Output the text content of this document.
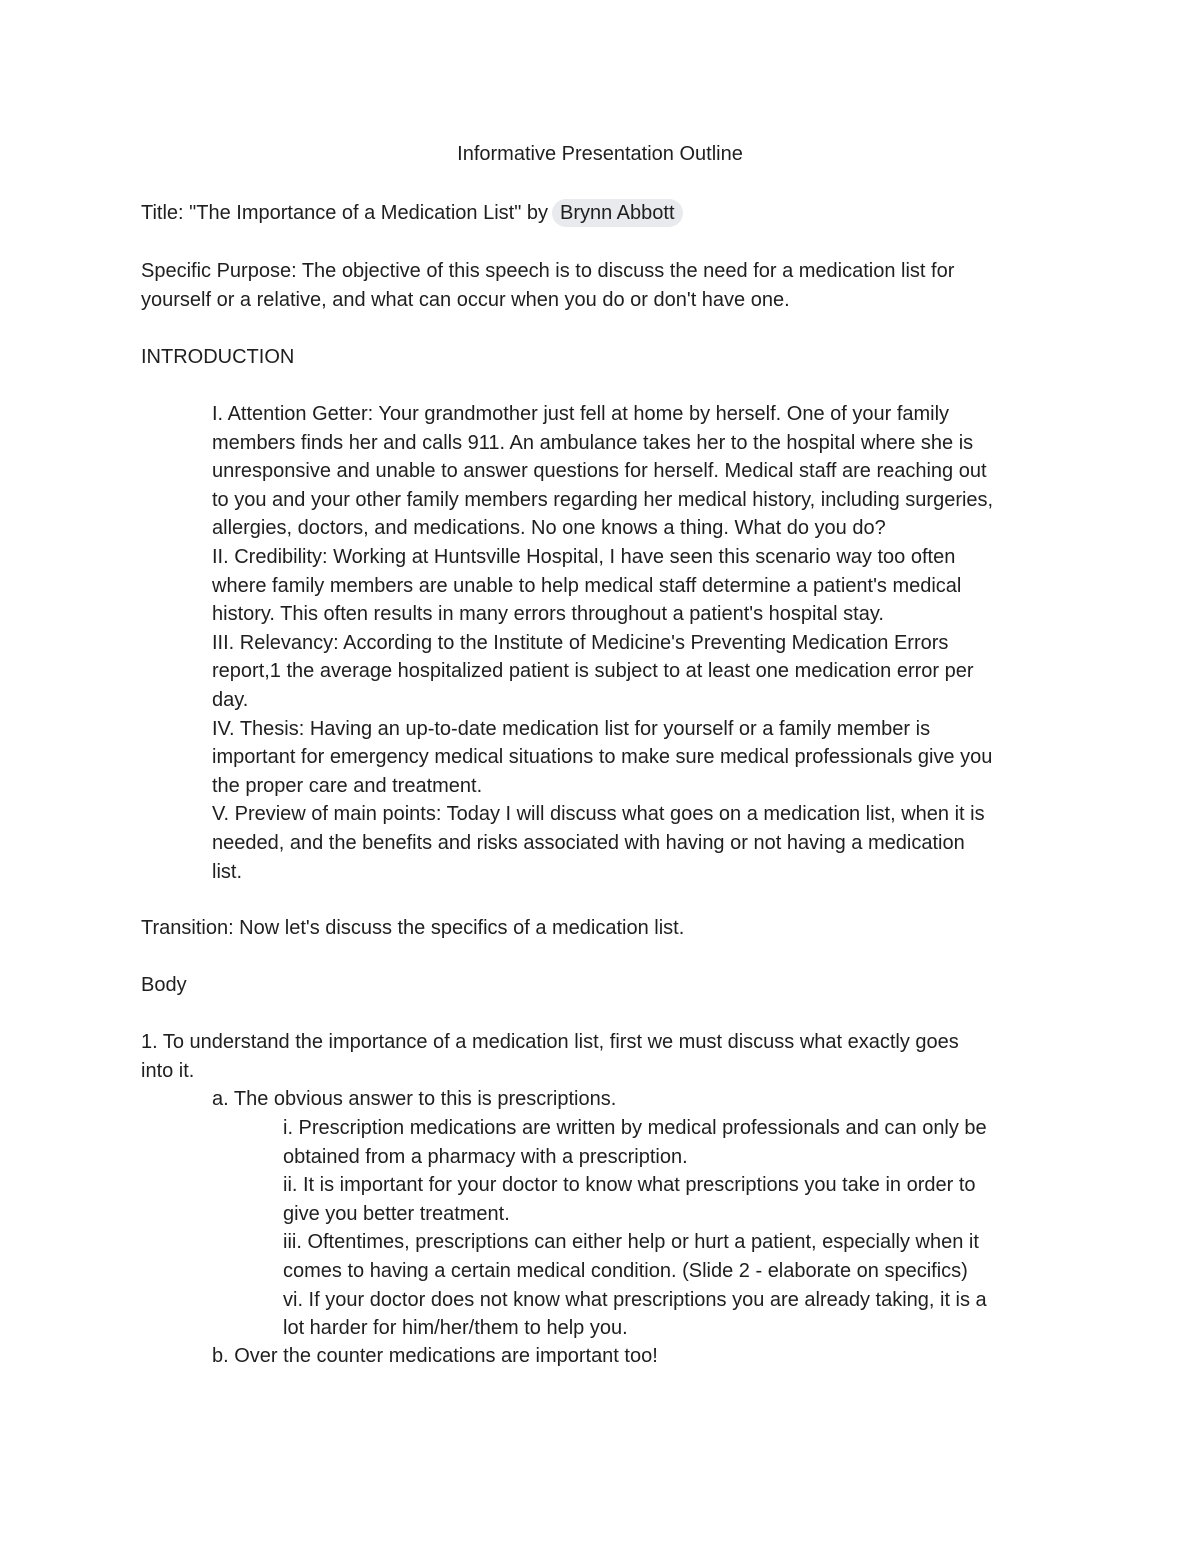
Informative Presentation Outline

Title: "The Importance of a Medication List" by Brynn Abbott

Specific Purpose: The objective of this speech is to discuss the need for a medication list for

yourself or a relative, and what can occur when you do or don't have one.

INTRODUCTION

I. Attention Getter: Your grandmother just fell at home by herself. One of your family

members finds her and calls 911. An ambulance takes her to the hospital where she is

unresponsive and unable to answer questions for herself. Medical staff are reaching out

to you and your other family members regarding her medical history, including surgeries,

allergies, doctors, and medications. No one knows a thing. What do you do?

II. Credibility: Working at Huntsville Hospital, I have seen this scenario way too often

where family members are unable to help medical staff determine a patient's medical

history. This often results in many errors throughout a patient's hospital stay.

III. Relevancy: According to the Institute of Medicine's Preventing Medication Errors

report,1 the average hospitalized patient is subject to at least one medication error per

day.

IV. Thesis: Having an up-to-date medication list for yourself or a family member is

important for emergency medical situations to make sure medical professionals give you

the proper care and treatment.

V. Preview of main points: Today I will discuss what goes on a medication list, when it is

needed, and the benefits and risks associated with having or not having a medication

list.

Transition: Now let's discuss the specifics of a medication list.

Body

1. To understand the importance of a medication list, first we must discuss what exactly goes

into it.

a. The obvious answer to this is prescriptions.

i. Prescription medications are written by medical professionals and can only be

obtained from a pharmacy with a prescription.

ii. It is important for your doctor to know what prescriptions you take in order to

give you better treatment.

iii. Oftentimes, prescriptions can either help or hurt a patient, especially when it

comes to having a certain medical condition. (Slide 2 - elaborate on specifics)

vi. If your doctor does not know what prescriptions you are already taking, it is a

lot harder for him/her/them to help you.

b. Over the counter medications are important too!
